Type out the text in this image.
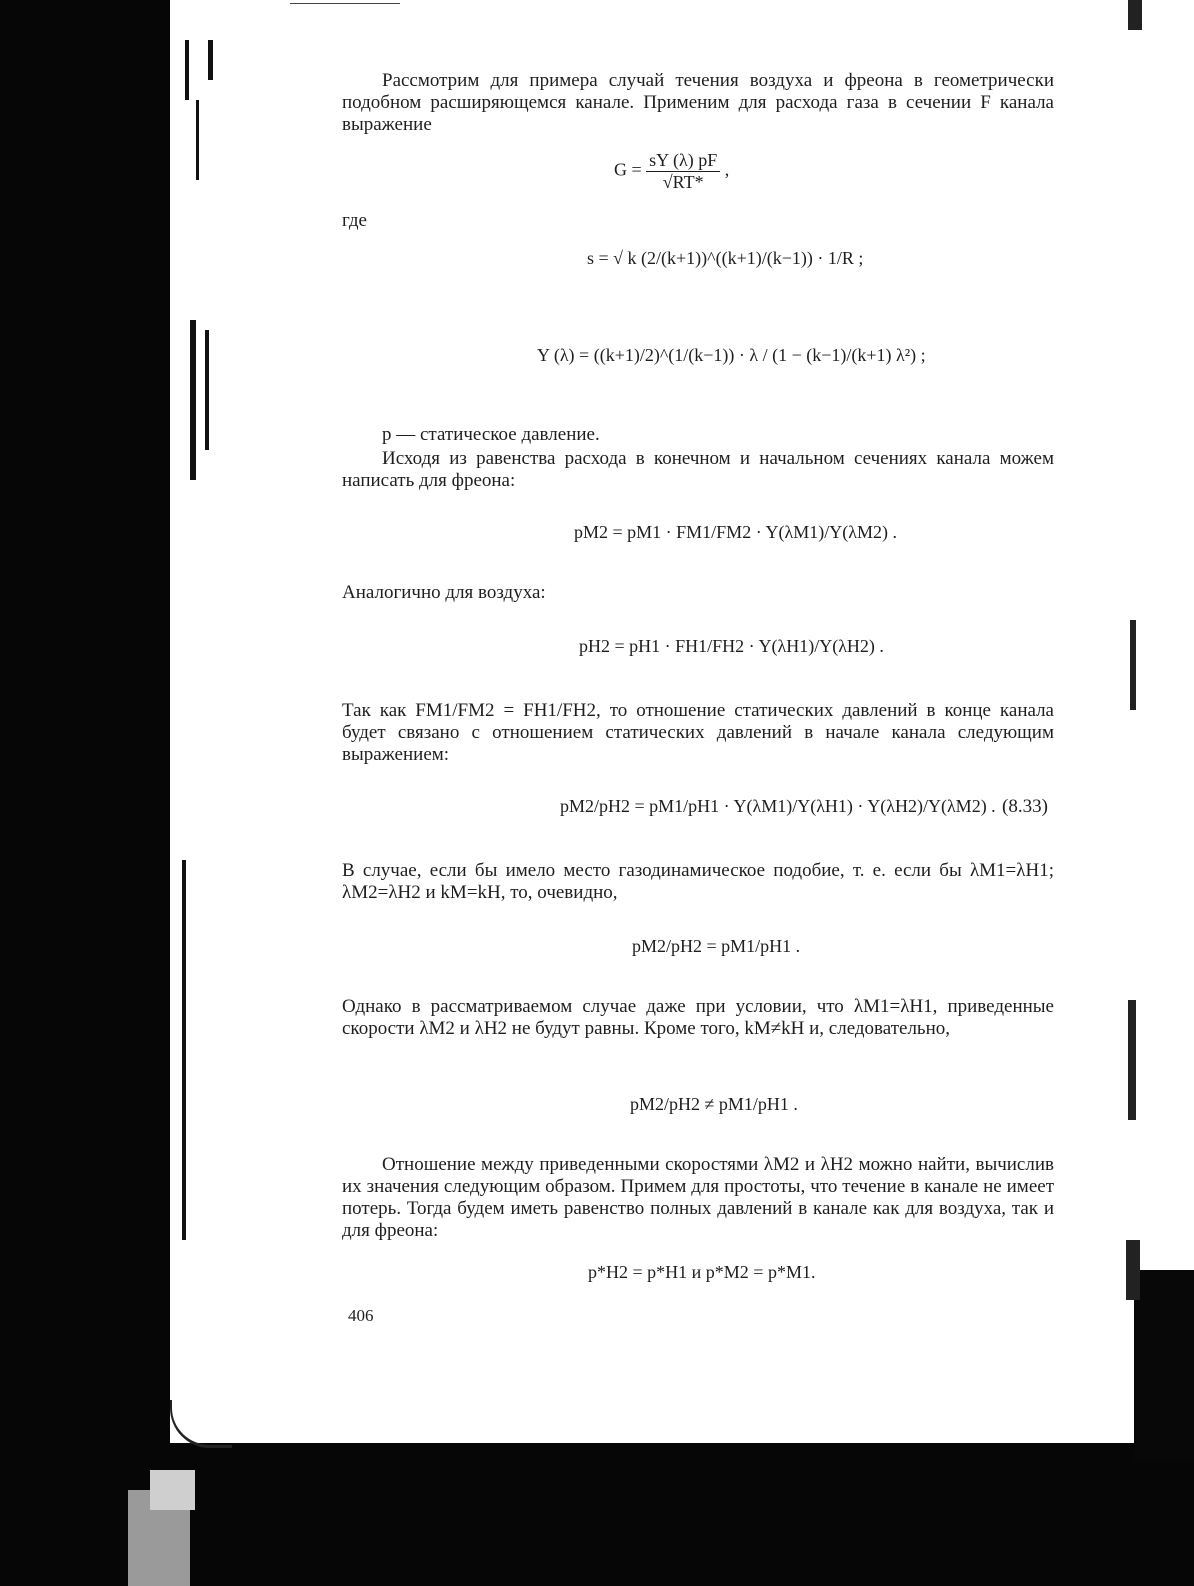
Рассмотрим для примера случай течения воздуха и фреона в геометрически подобном расширяющемся канале. Применим для расхода газа в сечении F канала выражение
$G = \frac{sY (\lambda) pF}{√RT*}$ ,
где
s = √ k (2/(k+1))^((k+1)/(k−1)) · 1/R ;
Y (λ) = ((k+1)/2)^(1/(k−1)) · λ / (1 − (k−1)/(k+1) λ²) ;
p — статическое давление.
Исходя из равенства расхода в конечном и начальном сечениях канала можем написать для фреона:
pM2 = pM1 · FM1/FM2 · Y(λM1)/Y(λM2) .
Аналогично для воздуха:
pH2 = pH1 · FH1/FH2 · Y(λH1)/Y(λH2) .
Так как FM1/FM2 = FH1/FH2, то отношение статических давлений в конце канала будет связано с отношением статических давлений в начале канала следующим выражением:
pM2/pH2 = pM1/pH1 · Y(λM1)/Y(λH1) · Y(λH2)/Y(λM2) . (8.33)
В случае, если бы имело место газодинамическое подобие, т. е. если бы λM1=λH1; λM2=λH2 и kM=kH, то, очевидно,
pM2/pH2 = pM1/pH1 .
Однако в рассматриваемом случае даже при условии, что λM1=λH1, приведенные скорости λM2 и λH2 не будут равны. Кроме того, kM≠kH и, следовательно,
pM2/pH2 ≠ pM1/pH1 .
Отношение между приведенными скоростями λM2 и λH2 можно найти, вычислив их значения следующим образом. Примем для простоты, что течение в канале не имеет потерь. Тогда будем иметь равенство полных давлений в канале как для воздуха, так и для фреона:
p*H2 = p*H1 и p*M2 = p*M1.
406
